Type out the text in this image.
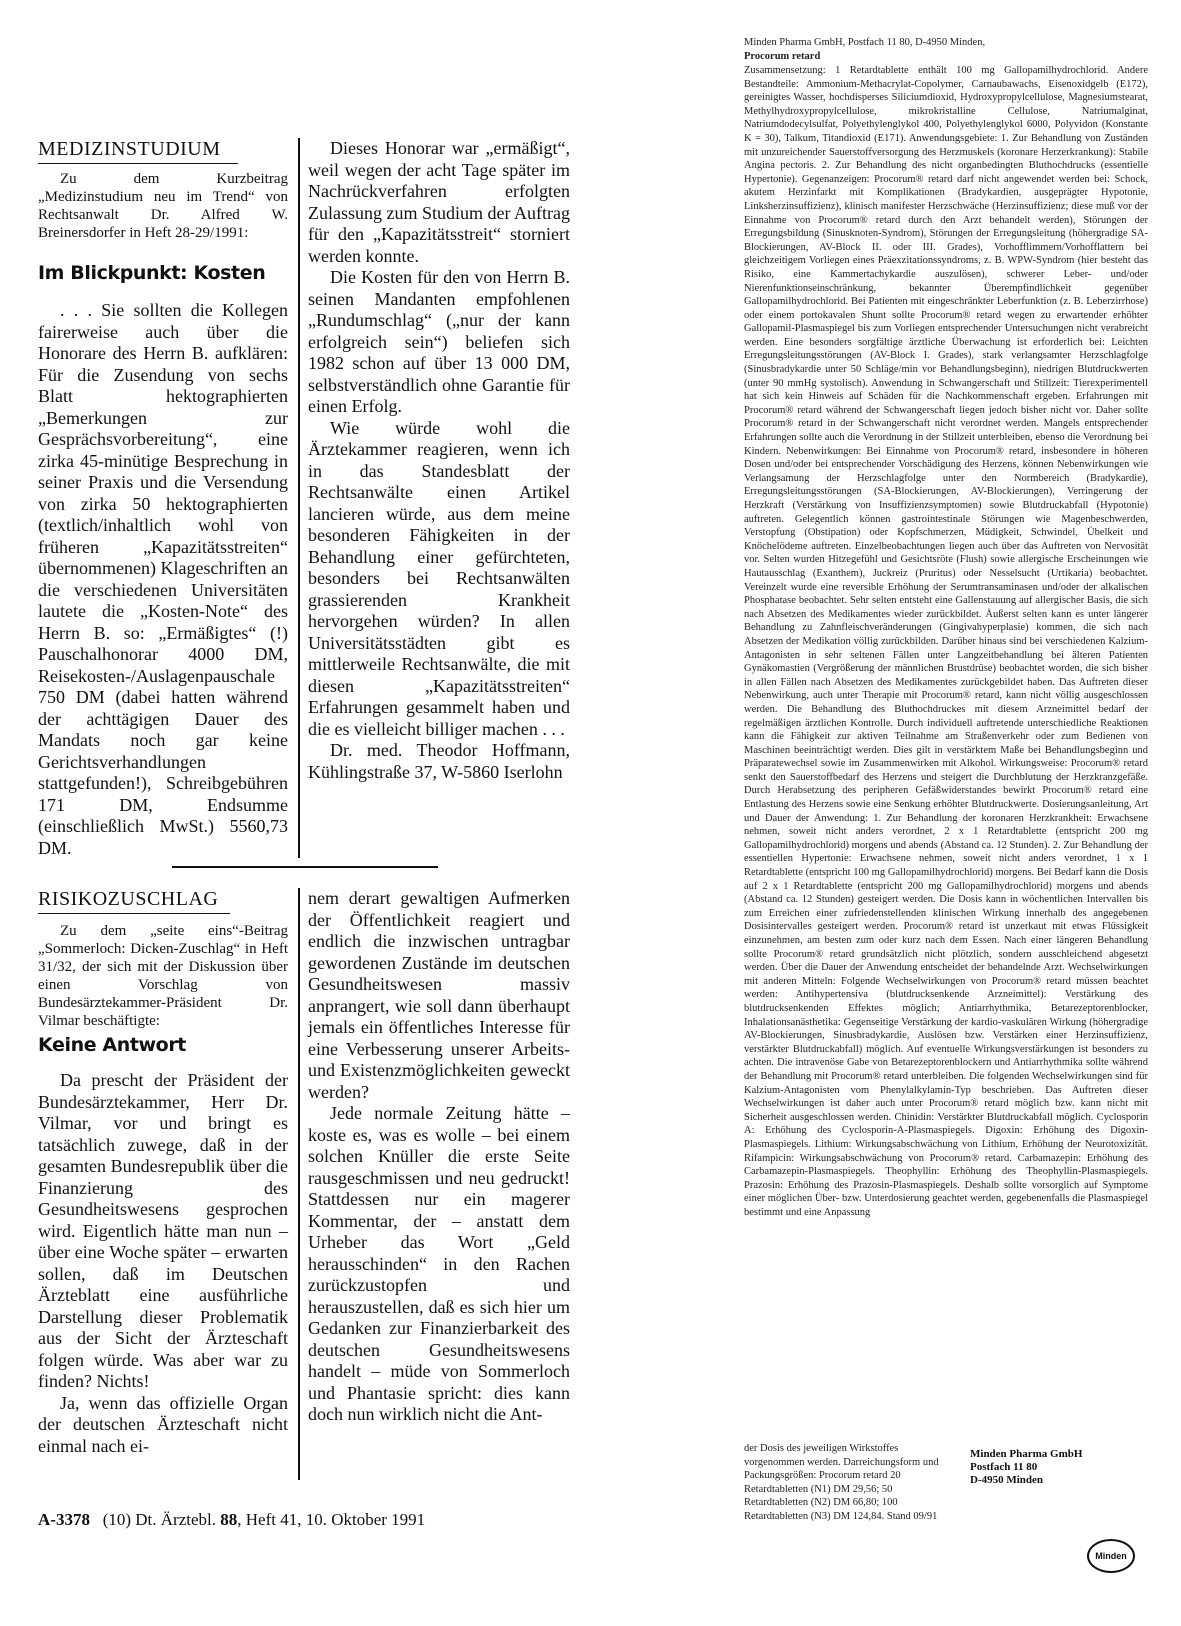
MEDIZINSTUDIUM
Zu dem Kurzbeitrag „Medizinstudium neu im Trend“ von Rechtsanwalt Dr. Alfred W. Breinersdorfer in Heft 28-29/1991:
Im Blickpunkt: Kosten

. . . Sie sollten die Kollegen fairerweise auch über die Honorare des Herrn B. aufklären: Für die Zusendung von sechs Blatt hektographierten „Bemerkungen zur Gesprächsvorbereitung“, eine zirka 45-minütige Besprechung in seiner Praxis und die Versendung von zirka 50 hektographierten (textlich/inhaltlich wohl von früheren „Kapazitätsstreiten“ übernommenen) Klageschriften an die verschiedenen Universitäten lautete die „Kosten-Note“ des Herrn B. so: „Ermäßigtes“ (!) Pauschalhonorar 4000 DM, Reisekosten-/Auslagenpauschale 750 DM (dabei hatten während der achttägigen Dauer des Mandats noch gar keine Gerichtsverhandlungen stattgefunden!), Schreibgebühren 171 DM, Endsumme (einschließlich MwSt.) 5560,73 DM.

Dieses Honorar war „ermäßigt“, weil wegen der acht Tage später im Nachrückverfahren erfolgten Zulassung zum Studium der Auftrag für den „Kapazitätsstreit“ storniert werden konnte.

Die Kosten für den von Herrn B. seinen Mandanten empfohlenen „Rundumschlag“ („nur der kann erfolgreich sein“) beliefen sich 1982 schon auf über 13 000 DM, selbstverständlich ohne Garantie für einen Erfolg.

Wie würde wohl die Ärztekammer reagieren, wenn ich in das Standesblatt der Rechtsanwälte einen Artikel lancieren würde, aus dem meine besonderen Fähigkeiten in der Behandlung einer gefürchteten, besonders bei Rechtsanwälten grassierenden Krankheit hervorgehen würden? In allen Universitätsstädten gibt es mittlerweile Rechtsanwälte, die mit diesen „Kapazitätsstreiten“ Erfahrungen gesammelt haben und die es vielleicht billiger machen . . .

Dr. med. Theodor Hoffmann, Kühlingstraße 37, W-5860 Iserlohn

RISIKOZUSCHLAG
Zu dem „seite eins“-Beitrag „Sommerloch: Dicken-Zuschlag“ in Heft 31/32, der sich mit der Diskussion über einen Vorschlag von Bundesärztekammer-Präsident Dr. Vilmar beschäftigte:
Keine Antwort

Da prescht der Präsident der Bundesärztekammer, Herr Dr. Vilmar, vor und bringt es tatsächlich zuwege, daß in der gesamten Bundesrepublik über die Finanzierung des Gesundheitswesens gesprochen wird. Eigentlich hätte man nun – über eine Woche später – erwarten sollen, daß im Deutschen Ärzteblatt eine ausführliche Darstellung dieser Problematik aus der Sicht der Ärzteschaft folgen würde. Was aber war zu finden? Nichts!

Ja, wenn das offizielle Organ der deutschen Ärzteschaft nicht einmal nach ei-

nem derart gewaltigen Aufmerken der Öffentlichkeit reagiert und endlich die inzwischen untragbar gewordenen Zustände im deutschen Gesundheitswesen massiv anprangert, wie soll dann überhaupt jemals ein öffentliches Interesse für eine Verbesserung unserer Arbeits- und Existenzmöglichkeiten geweckt werden?

Jede normale Zeitung hätte – koste es, was es wolle – bei einem solchen Knüller die erste Seite rausgeschmissen und neu gedruckt! Stattdessen nur ein magerer Kommentar, der – anstatt dem Urheber das Wort „Geld herausschinden“ in den Rachen zurückzustopfen und herauszustellen, daß es sich hier um Gedanken zur Finanzierbarkeit des deutschen Gesundheitswesens handelt – müde von Sommerloch und Phantasie spricht: dies kann doch nun wirklich nicht die Ant-

Minden Pharma GmbH, Postfach 11 80, D-4950 Minden,
Procorum retard

Zusammensetzung: 1 Retardtablette enthält 100 mg Gallopamilhydrochlorid. Andere Bestandteile: Ammonium-Methacrylat-Copolymer, Carnaubawachs, Eisenoxidgelb (E172), gereinigtes Wasser, hochdisperses Siliciumdioxid, Hydroxypropylcellulose, Magnesiumstearat, Methylhydroxypropylcellulose, mikrokristalline Cellulose, Natriumalginat, Natriumdodecylsulfat, Polyethylenglykol 400, Polyethylenglykol 6000, Polyvidon (Konstante K = 30), Talkum, Titandioxid (E171). Anwendungsgebiete: 1. Zur Behandlung von Zuständen mit unzureichender Sauerstoffversorgung des Herzmuskels (koronare Herzerkrankung): Stabile Angina pectoris. 2. Zur Behandlung des nicht organbedingten Bluthochdrucks (essentielle Hypertonie). Gegenanzeigen: Procorum® retard darf nicht angewendet werden bei: Schock, akutem Herzinfarkt mit Komplikationen (Bradykardien, ausgeprägter Hypotonie, Linksherzinsuffizienz), klinisch manifester Herzschwäche (Herzinsuffizienz; diese muß vor der Einnahme von Procorum® retard durch den Arzt behandelt werden), Störungen der Erregungsbildung (Sinusknoten-Syndrom), Störungen der Erregungsleitung (höhergradige SA-Blockierungen, AV-Block II. oder III. Grades), Vorhofflimmern/Vorhofflattern bei gleichzeitigem Vorliegen eines Präexzitationssyndroms, z. B. WPW-Syndrom (hier besteht das Risiko, eine Kammertachykardie auszulösen), schwerer Leber- und/oder Nierenfunktionseinschränkung, bekannter Überempfindlichkeit gegenüber Gallopamilhydrochlorid. Bei Patienten mit eingeschränkter Leberfunktion (z. B. Leberzirrhose) oder einem portokavalen Shunt sollte Procorum® retard wegen zu erwartender erhöhter Gallopamil-Plasmaspiegel bis zum Vorliegen entsprechender Untersuchungen nicht verabreicht werden. Eine besonders sorgfältige ärztliche Überwachung ist erforderlich bei: Leichten Erregungsleitungsstörungen (AV-Block I. Grades), stark verlangsamter Herzschlagfolge (Sinusbradykardie unter 50 Schläge/min vor Behandlungsbeginn), niedrigen Blutdruckwerten (unter 90 mmHg systolisch). Anwendung in Schwangerschaft und Stillzeit: Tierexperimentell hat sich kein Hinweis auf Schäden für die Nachkommenschaft ergeben. Erfahrungen mit Procorum® retard während der Schwangerschaft liegen jedoch bisher nicht vor. Daher sollte Procorum® retard in der Schwangerschaft nicht verordnet werden. Mangels entsprechender Erfahrungen sollte auch die Verordnung in der Stillzeit unterbleiben, ebenso die Verordnung bei Kindern. Nebenwirkungen: Bei Einnahme von Procorum® retard, insbesondere in höheren Dosen und/oder bei entsprechender Vorschädigung des Herzens, können Nebenwirkungen wie Verlangsamung der Herzschlagfolge unter den Normbereich (Bradykardie), Erregungsleitungsstörungen (SA-Blockierungen, AV-Blockierungen), Verringerung der Herzkraft (Verstärkung von Insuffizienzsymptomen) sowie Blutdruckabfall (Hypotonie) auftreten. Gelegentlich können gastrointestinale Störungen wie Magenbeschwerden, Verstopfung (Obstipation) oder Kopfschmerzen, Müdigkeit, Schwindel, Übelkeit und Knöchelödeme auftreten. Einzelbeobachtungen liegen auch über das Auftreten von Nervosität vor. Selten wurden Hitzegefühl und Gesichtsröte (Flush) sowie allergische Erscheinungen wie Hautausschlag (Exanthem), Juckreiz (Pruritus) oder Nesselsucht (Urtikaria) beobachtet. Vereinzelt wurde eine reversible Erhöhung der Serumtransaminasen und/oder der alkalischen Phosphatase beobachtet. Sehr selten entsteht eine Gallenstauung auf allergischer Basis, die sich nach Absetzen des Medikamentes wieder zurückbildet. Äußerst selten kann es unter längerer Behandlung zu Zahnfleischveränderungen (Gingivahyperplasie) kommen, die sich nach Absetzen der Medikation völlig zurückbilden. Darüber hinaus sind bei verschiedenen Kalzium-Antagonisten in sehr seltenen Fällen unter Langzeitbehandlung bei älteren Patienten Gynäkomastien (Vergrößerung der männlichen Brustdrüse) beobachtet worden, die sich bisher in allen Fällen nach Absetzen des Medikamentes zurückgebildet haben. Das Auftreten dieser Nebenwirkung, auch unter Therapie mit Procorum® retard, kann nicht völlig ausgeschlossen werden. Die Behandlung des Bluthochdruckes mit diesem Arzneimittel bedarf der regelmäßigen ärztlichen Kontrolle. Durch individuell auftretende unterschiedliche Reaktionen kann die Fähigkeit zur aktiven Teilnahme am Straßenverkehr oder zum Bedienen von Maschinen beeinträchtigt werden. Dies gilt in verstärktem Maße bei Behandlungsbeginn und Präparatewechsel sowie im Zusammenwirken mit Alkohol. Wirkungsweise: Procorum® retard senkt den Sauerstoffbedarf des Herzens und steigert die Durchblutung der Herzkranzgefäße. Durch Herabsetzung des peripheren Gefäßwiderstandes bewirkt Procorum® retard eine Entlastung des Herzens sowie eine Senkung erhöhter Blutdruckwerte. Dosierungsanleitung, Art und Dauer der Anwendung: 1. Zur Behandlung der koronaren Herzkrankheit: Erwachsene nehmen, soweit nicht anders verordnet, 2 x 1 Retardtablette (entspricht 200 mg Gallopamilhydrochlorid) morgens und abends (Abstand ca. 12 Stunden). 2. Zur Behandlung der essentiellen Hypertonie: Erwachsene nehmen, soweit nicht anders verordnet, 1 x 1 Retardtablette (entspricht 100 mg Gallopamilhydrochlorid) morgens. Bei Bedarf kann die Dosis auf 2 x 1 Retardtablette (entspricht 200 mg Gallopamilhydrochlorid) morgens und abends (Abstand ca. 12 Stunden) gesteigert werden. Die Dosis kann in wöchentlichen Intervallen bis zum Erreichen einer zufriedenstellenden klinischen Wirkung innerhalb des angegebenen Dosisintervalles gesteigert werden. Procorum® retard ist unzerkaut mit etwas Flüssigkeit einzunehmen, am besten zum oder kurz nach dem Essen. Nach einer längeren Behandlung sollte Procorum® retard grundsätzlich nicht plötzlich, sondern ausschleichend abgesetzt werden. Über die Dauer der Anwendung entscheidet der behandelnde Arzt. Wechselwirkungen mit anderen Mitteln: Folgende Wechselwirkungen von Procorum® retard müssen beachtet werden: Antihypertensiva (blutdrucksenkende Arzneimittel): Verstärkung des blutdrucksenkenden Effektes möglich; Antiarrhythmika, Betarezeptorenblocker, Inhalationsanästhetika: Gegenseitige Verstärkung der kardio-vaskulären Wirkung (höhergradige AV-Blockierungen, Sinusbradykardie, Auslösen bzw. Verstärken einer Herzinsuffizienz, verstärkter Blutdruckabfall) möglich. Auf eventuelle Wirkungsverstärkungen ist besonders zu achten. Die intravenöse Gabe von Betarezeptorenblockern und Antiarrhythmika sollte während der Behandlung mit Procorum® retard unterbleiben. Die folgenden Wechselwirkungen sind für Kalzium-Antagonisten vom Phenylalkylamin-Typ beschrieben. Das Auftreten dieser Wechselwirkungen ist daher auch unter Procorum® retard möglich bzw. kann nicht mit Sicherheit ausgeschlossen werden. Chinidin: Verstärkter Blutdruckabfall möglich. Cyclosporin A: Erhöhung des Cyclosporin-A-Plasmaspiegels. Digoxin: Erhöhung des Digoxin-Plasmaspiegels. Lithium: Wirkungsabschwächung von Lithium, Erhöhung der Neurotoxizität. Rifampicin: Wirkungsabschwächung von Procorum® retard. Carbamazepin: Erhöhung des Carbamazepin-Plasmaspiegels. Theophyllin: Erhöhung des Theophyllin-Plasmaspiegels. Prazosin: Erhöhung des Prazosin-Plasmaspiegels. Deshalb sollte vorsorglich auf Symptome einer möglichen Über- bzw. Unterdosierung geachtet werden, gegebenenfalls die Plasmaspiegel bestimmt und eine Anpassung

der Dosis des jeweiligen Wirkstoffes vorgenommen werden. Darreichungsform und Packungsgrößen: Procorum retard 20 Retardtabletten (N1) DM 29,56; 50 Retardtabletten (N2) DM 66,80; 100 Retardtabletten (N3) DM 124,84. Stand 09/91
Minden Pharma GmbH
Postfach 11 80
D-4950 Minden
Minden
A-3378 (10) Dt. Ärztebl. 88, Heft 41, 10. Oktober 1991
